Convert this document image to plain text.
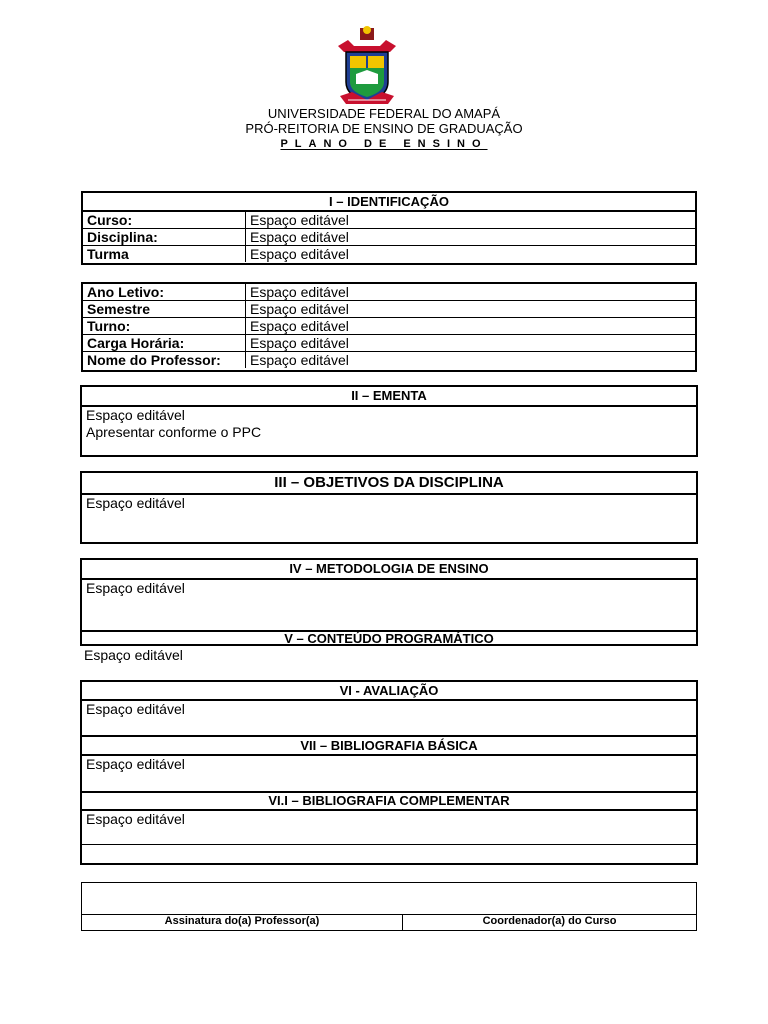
UNIVERSIDADE FEDERAL DO AMAPÁ
PRÓ-REITORIA DE ENSINO DE GRADUAÇÃO
PLANO DE ENSINO
I – IDENTIFICAÇÃO
Curso:	Espaço editável
Disciplina:	Espaço editável
Turma	Espaço editável
Ano Letivo:	Espaço editável
Semestre	Espaço editável
Turno:	Espaço editável
Carga Horária:	Espaço editável
Nome do Professor:	Espaço editável
II – EMENTA
Espaço editável
Apresentar conforme o PPC
III – OBJETIVOS DA DISCIPLINA
Espaço editável
IV – METODOLOGIA DE ENSINO
Espaço editável
V – CONTEÚDO PROGRAMÁTICO
Espaço editável
VI - AVALIAÇÃO
Espaço editável
VII – BIBLIOGRAFIA BÁSICA
Espaço editável
VI.I – BIBLIOGRAFIA COMPLEMENTAR
Espaço editável
Assinatura do(a) Professor(a)	Coordenador(a) do Curso
